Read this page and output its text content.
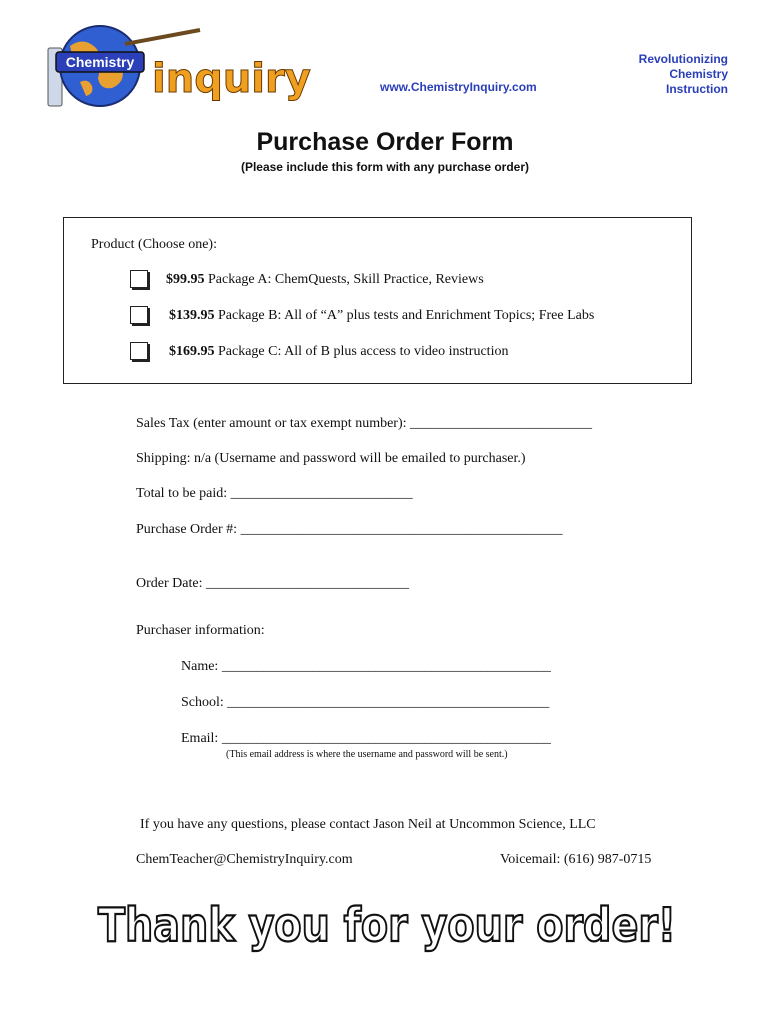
Chemistry inquiry	www.ChemistryInquiry.com
Revolutionizing
Chemistry
Instruction
Purchase Order Form
(Please include this form with any purchase order)
Product (Choose one):
$99.95 Package A: ChemQuests, Skill Practice, Reviews
$139.95 Package B: All of “A” plus tests and Enrichment Topics; Free Labs
$169.95 Package C: All of B plus access to video instruction
Sales Tax (enter amount or tax exempt number): __________________________
Shipping: n/a (Username and password will be emailed to purchaser.)
Total to be paid: __________________________
Purchase Order #: ______________________________________________
Order Date: _____________________________
Purchaser information:
Name: _______________________________________________
School: ______________________________________________
Email: _______________________________________________
(This email address is where the username and password will be sent.)
If you have any questions, please contact Jason Neil at Uncommon Science, LLC
ChemTeacher@ChemistryInquiry.com	Voicemail: (616) 987-0715
Thank you for your order!
